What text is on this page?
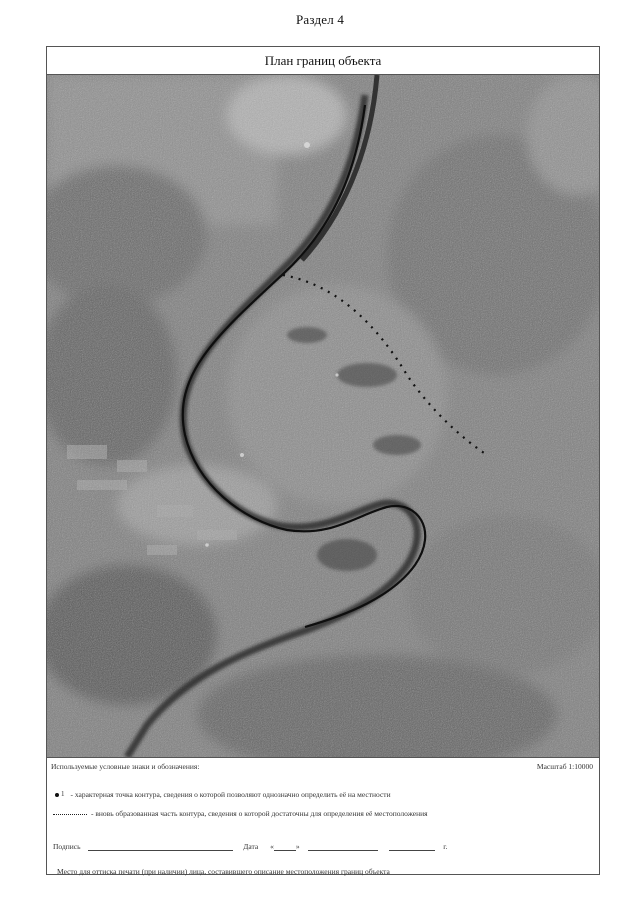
Раздел 4
План границ объекта
Используемые условные знаки и обозначения:	Масштаб 1:10000
1 - характерная точка контура, сведения о которой позволяют однозначно определить её на местности
- вновь образованная часть контура, сведения о которой достаточны для определения её местоположения
Подпись	Дата «	»	г.
Место для оттиска печати (при наличии) лица, составившего описание местоположения границ объекта
